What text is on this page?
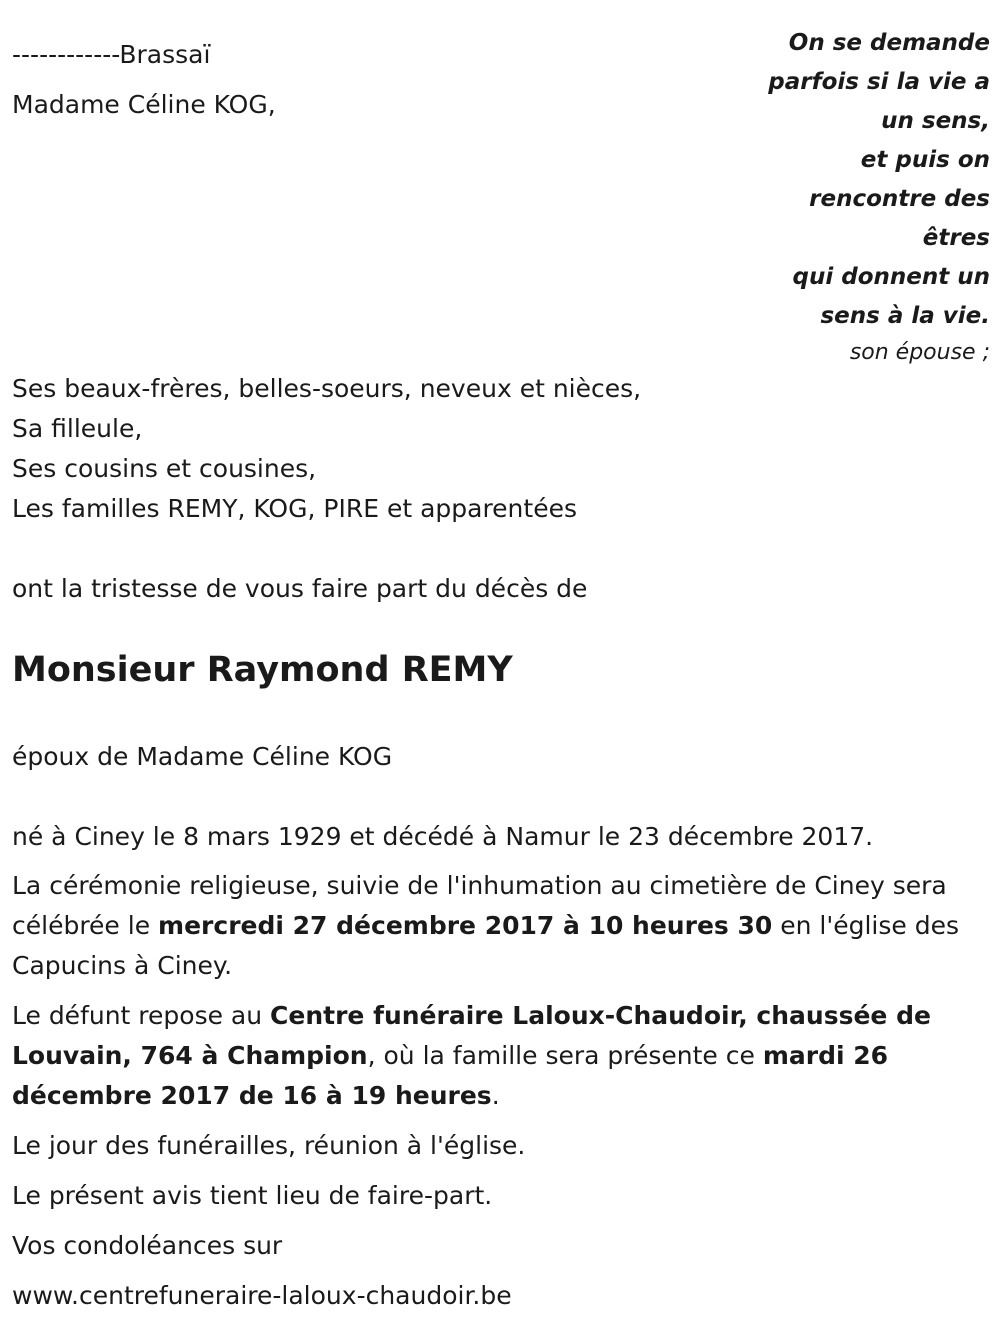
------------Brassaï
Madame Céline KOG,
On se demande
parfois si la vie a
un sens,
et puis on
rencontre des
êtres
qui donnent un
sens à la vie.
son épouse ;
Ses beaux-frères, belles-soeurs, neveux et nièces,
Sa filleule,
Ses cousins et cousines,
Les familles REMY, KOG, PIRE et apparentées
ont la tristesse de vous faire part du décès de
Monsieur Raymond REMY
époux de Madame Céline KOG
né à Ciney le 8 mars 1929 et décédé à Namur le 23 décembre 2017.
La cérémonie religieuse, suivie de l'inhumation au cimetière de Ciney sera célébrée le mercredi 27 décembre 2017 à 10 heures 30 en l'église des Capucins à Ciney.
Le défunt repose au Centre funéraire Laloux-Chaudoir, chaussée de Louvain, 764 à Champion, où la famille sera présente ce mardi 26 décembre 2017 de 16 à 19 heures.
Le jour des funérailles, réunion à l'église.
Le présent avis tient lieu de faire-part.
Vos condoléances sur
www.centrefuneraire-laloux-chaudoir.be
